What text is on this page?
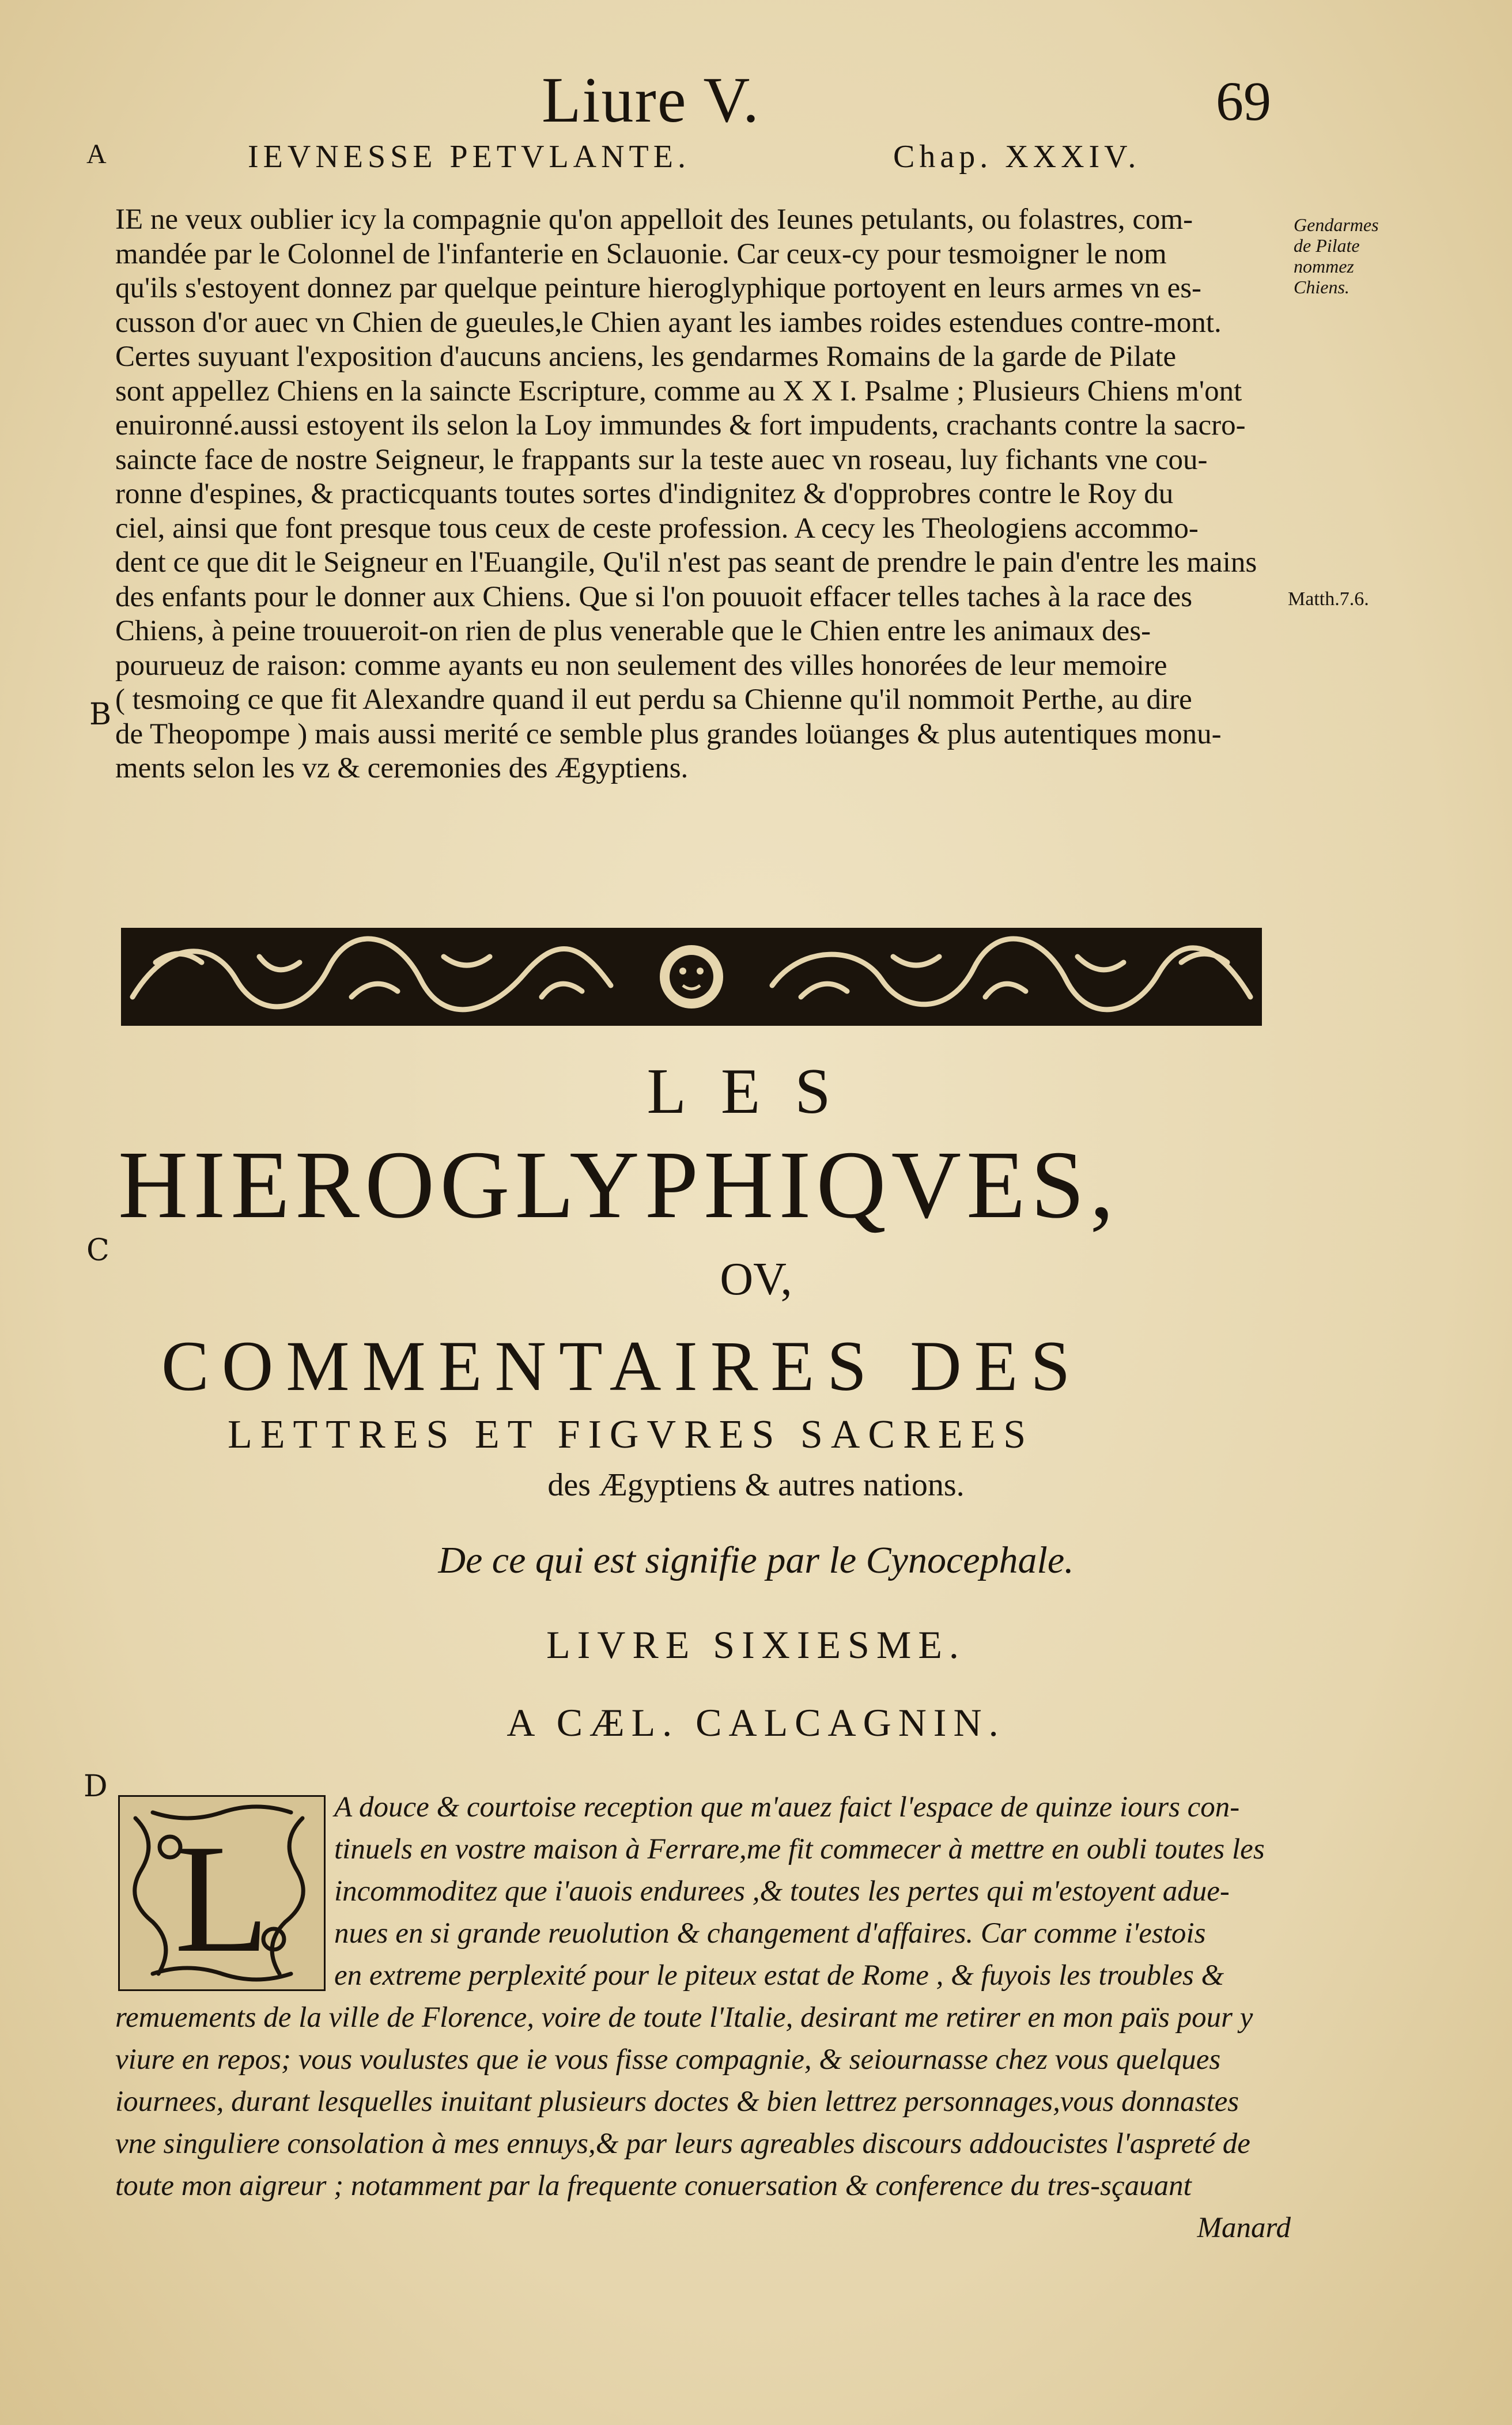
Liure V.	69
A	IEVNESSE PETVLANTE.	Chap. XXXIV.
IE ne veux oublier icy la compagnie qu'on appelloit des Ieunes petulants, ou folastres, com-
mandée par le Colonnel de l'infanterie en Sclauonie. Car ceux-cy pour tesmoigner le nom
qu'ils s'estoyent donnez par quelque peinture hieroglyphique portoyent en leurs armes vn es-
cusson d'or auec vn Chien de gueules,le Chien ayant les iambes roides estendues contre-mont.
Certes suyuant l'exposition d'aucuns anciens, les gendarmes Romains de la garde de Pilate
sont appellez Chiens en la saincte Escripture, comme au X X I. Psalme ; Plusieurs Chiens m'ont
enuironné.aussi estoyent ils selon la Loy immundes & fort impudents, crachants contre la sacro-
saincte face de nostre Seigneur, le frappants sur la teste auec vn roseau, luy fichants vne cou-
ronne d'espines, & practicquants toutes sortes d'indignitez & d'opprobres contre le Roy du
ciel, ainsi que font presque tous ceux de ceste profession. A cecy les Theologiens accommo-
dent ce que dit le Seigneur en l'Euangile, Qu'il n'est pas seant de prendre le pain d'entre les mains
des enfants pour le donner aux Chiens. Que si l'on pouuoit effacer telles taches à la race des
Chiens, à peine trouueroit-on rien de plus venerable que le Chien entre les animaux des-
pourueuz de raison: comme ayants eu non seulement des villes honorées de leur memoire
( tesmoing ce que fit Alexandre quand il eut perdu sa Chienne qu'il nommoit Perthe, au dire
de Theopompe ) mais aussi merité ce semble plus grandes loüanges & plus autentiques monu-
ments selon les vz & ceremonies des Ægyptiens.
Gendarmes
de Pilate
nommez
Chiens.
Matth.7.6.
B
LES
HIEROGLYPHIQVES,
C
OV,
COMMENTAIRES DES
LETTRES ET FIGVRES SACREES
des Ægyptiens & autres nations.
De ce qui est signifie par le Cynocephale.
LIVRE SIXIESME.
A CÆL. CALCAGNIN.
D
L
A douce & courtoise reception que m'auez faict l'espace de quinze iours con-
tinuels en vostre maison à Ferrare,me fit commecer à mettre en oubli toutes les
incommoditez que i'auois endurees ,& toutes les pertes qui m'estoyent adue-
nues en si grande reuolution & changement d'affaires. Car comme i'estois
en extreme perplexité pour le piteux estat de Rome , & fuyois les troubles &
remuements de la ville de Florence, voire de toute l'Italie, desirant me retirer en mon païs pour y
viure en repos; vous voulustes que ie vous fisse compagnie, & seiournasse chez vous quelques
iournees, durant lesquelles inuitant plusieurs doctes & bien lettrez personnages,vous donnastes
vne singuliere consolation à mes ennuys,& par leurs agreables discours addoucistes l'aspreté de
toute mon aigreur ; notamment par la frequente conuersation & conference du tres-sçauant
Manard
